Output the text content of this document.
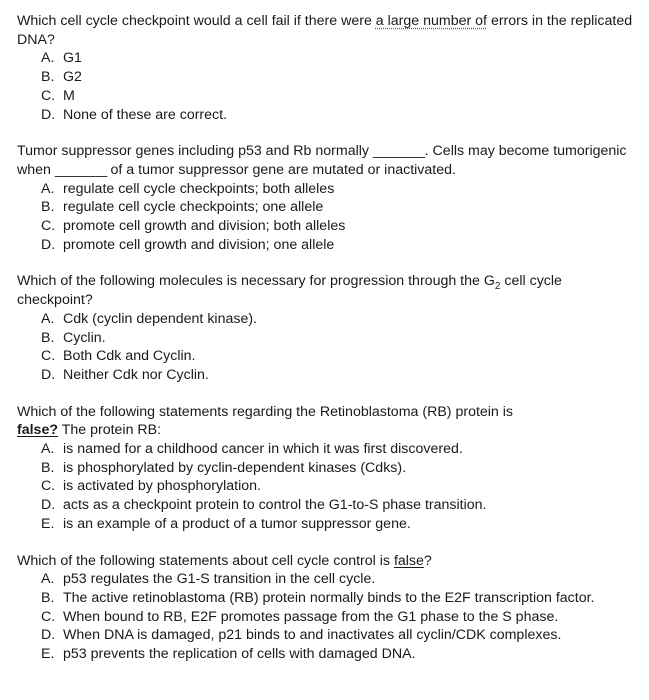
Which cell cycle checkpoint would a cell fail if there were a large number of errors in the replicated DNA?

A. G1
B. G2
C. M
D. None of these are correct.

Tumor suppressor genes including p53 and Rb normally _______. Cells may become tumorigenic when _______ of a tumor suppressor gene are mutated or inactivated.

A. regulate cell cycle checkpoints; both alleles
B. regulate cell cycle checkpoints; one allele
C. promote cell growth and division; both alleles
D. promote cell growth and division; one allele

Which of the following molecules is necessary for progression through the $G_2$ cell cycle checkpoint?

A. Cdk (cyclin dependent kinase).
B. Cyclin.
C. Both Cdk and Cyclin.
D. Neither Cdk nor Cyclin.

Which of the following statements regarding the Retinoblastoma (RB) protein is false? The protein RB:

A. is named for a childhood cancer in which it was first discovered.
B. is phosphorylated by cyclin-dependent kinases (Cdks).
C. is activated by phosphorylation.
D. acts as a checkpoint protein to control the G1-to-S phase transition.
E. is an example of a product of a tumor suppressor gene.

Which of the following statements about cell cycle control is false?

A. p53 regulates the G1-S transition in the cell cycle.
B. The active retinoblastoma (RB) protein normally binds to the E2F transcription factor.
C. When bound to RB, E2F promotes passage from the G1 phase to the S phase.
D. When DNA is damaged, p21 binds to and inactivates all cyclin/CDK complexes.
E. p53 prevents the replication of cells with damaged DNA.
